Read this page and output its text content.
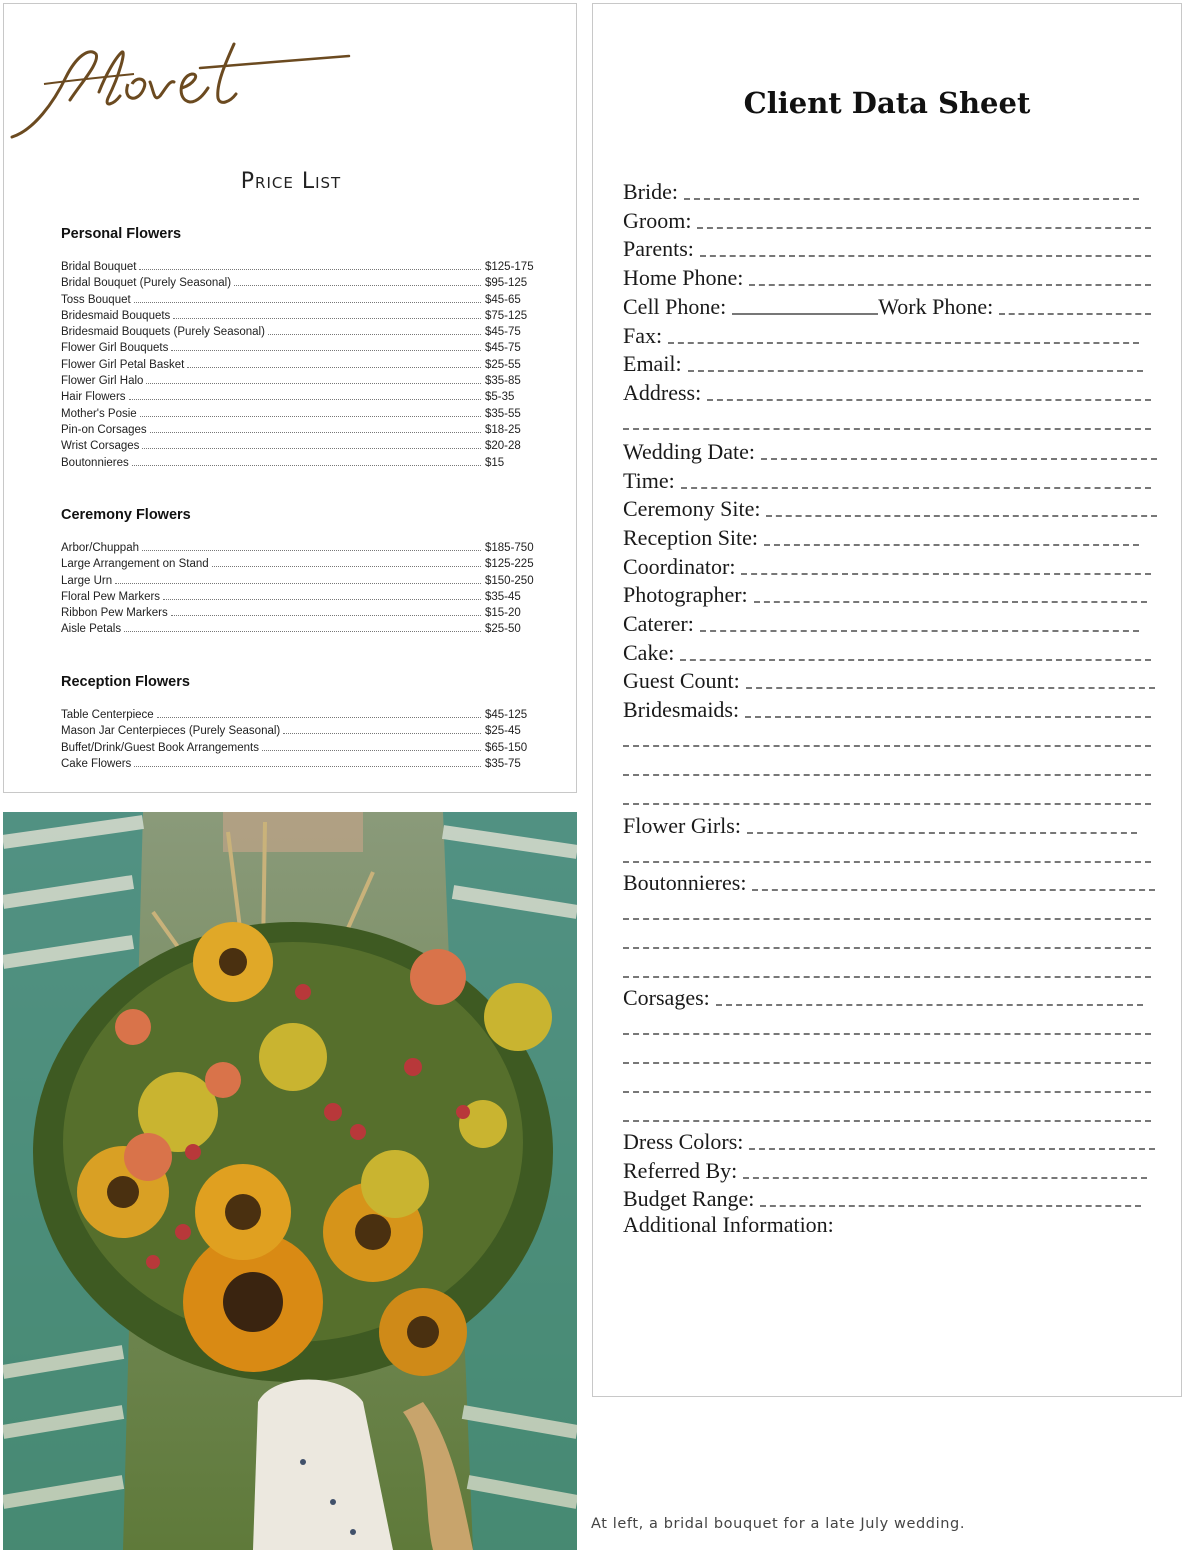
Price List
Personal Flowers
Bridal Bouquet	$125-175
Bridal Bouquet (Purely Seasonal)	$95-125
Toss Bouquet	$45-65
Bridesmaid Bouquets	$75-125
Bridesmaid Bouquets (Purely Seasonal)	$45-75
Flower Girl Bouquets	$45-75
Flower Girl Petal Basket	$25-55
Flower Girl Halo	$35-85
Hair Flowers	$5-35
Mother's Posie	$35-55
Pin-on Corsages	$18-25
Wrist Corsages	$20-28
Boutonnieres	$15
Ceremony Flowers
Arbor/Chuppah	$185-750
Large Arrangement on Stand	$125-225
Large Urn	$150-250
Floral Pew Markers	$35-45
Ribbon Pew Markers	$15-20
Aisle Petals	$25-50
Reception Flowers
Table Centerpiece	$45-125
Mason Jar Centerpieces (Purely Seasonal)	$25-45
Buffet/Drink/Guest Book Arrangements	$65-150
Cake Flowers	$35-75
Client Data Sheet
Bride:
Groom:
Parents:
Home Phone:
Cell Phone:	Work Phone:
Fax:
Email:
Address:
Wedding Date:
Time:
Ceremony Site:
Reception Site:
Coordinator:
Photographer:
Caterer:
Cake:
Guest Count:
Bridesmaids:
Flower Girls:
Boutonnieres:
Corsages:
Dress Colors:
Referred By:
Budget Range:
Additional Information:
At left, a bridal bouquet for a late July wedding.
